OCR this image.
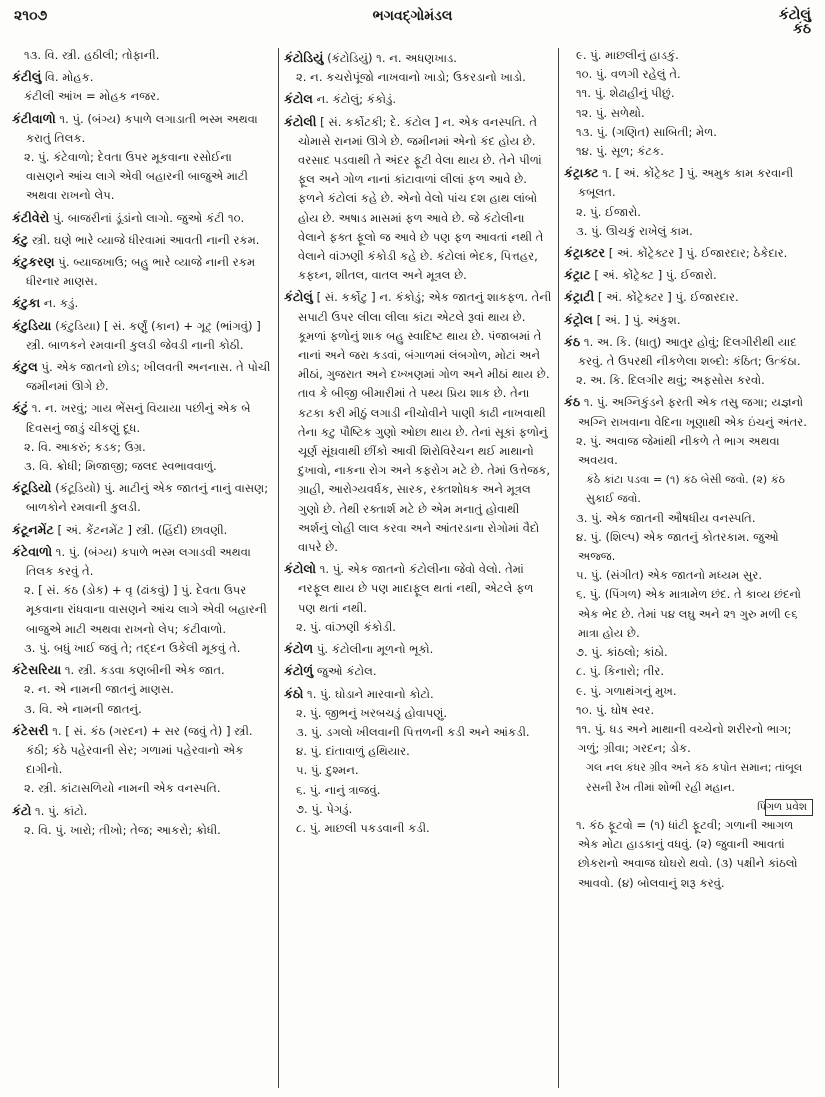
૨૧૦૭	ભગવદ્ગોમંડલ	કંટોલું
કંઠ

૧૩. વિ. સ્ત્રી. હઠીલી; તોફાની.

કંટીલું વિ. મોહક.

કંટીલી આંખ = મોહક નજર.

કંટીવાળો ૧. પું. (બંગ્ય) કપાળે લગાડાતી ભસ્મ અથવા કરાતું તિલક.

૨. પું. કંટેવાળો; દેવતા ઉપર મૂકવાના રસોઈના વાસણને આંચ લાગે એવી બહારની બાજુએ માટી અથવા રાખનો લેપ.

કંટીવેરો પું. બાજરીનાં ડૂંડાંનો લાગો. જુઓ કંટી ૧૦.

કંટુ સ્ત્રી. ઘણે ભારે વ્યાજે ધીરવામાં આવતી નાની રકમ.

કંટુકરણ પું. બ્યાજખાઉ; બહુ ભારે વ્યાજે નાની રકમ ધીરનાર માણસ.

કંટુકા ન. કડું.

કંટુડિયા (કંટુડિયા) [ સં. કર્ણું (કાન) + ગૂટ્ (ભાંગવું) ] સ્ત્રી. બાળકને રમવાની કુલડી જેવડી નાની કોઠી.

કંટુલ પું. એક જાતનો છોડ; ખીલવતી અનનાસ. તે પોચી જમીનમાં ઊગે છે.

કંટું ૧. ન. ખરવું; ગાય ભેંસનું વિયાયા પછીનું એક બે દિવસનું જાડું ચીકણું દૂધ.

૨. વિ. આકરું; કડક; ઉગ્ર.

૩. વિ. ક્રોધી; મિજાજી; જલદ સ્વભાવવાળું.

કંટૂડિયો (કંટૂડિયો) પું. માટીનું એક જાતનું નાનું વાસણ; બાળકોને રમવાની કુલડી.

કંટૂનમેંટ [ અં. કેંટનમેંટ ] સ્ત્રી. (હિંદી) છાવણી.

કંટેવાળો ૧. પું. (બંગ્ય) કપાળે ભસ્મ લગાડવી અથવા તિલક કરવું તે.

૨. [ સં. કંઠ (ડોક) + વૃ (ઢાંકવું) ] પું. દેવતા ઉપર મૂકવાના રાંધવાના વાસણને આંચ લાગે એવી બહારની બાજુએ માટી અથવા રાખનો લેપ; કંટીવાળો.

૩. પું. બધું ખાઈ જવું તે; તદ્દન ઉકેલી મૂકવું તે.

કંટેસરિયા ૧. સ્ત્રી. કડવા કણબીની એક જાત.

૨. ન. એ નામની જાતનું માણસ.

૩. વિ. એ નામની જાતનું.

કંટેસરી ૧. [ સં. કંઠ (ગરદન) + સર (જવું તે) ] સ્ત્રી. કંઠી; કંઠે પહેરવાની સેર; ગળામાં પહેરવાનો એક દાગીનો.

૨. સ્ત્રી. કાંટાસળિયો નામની એક વનસ્પતિ.

કંટો ૧. પું. કાંટો.

૨. વિ. પું. ખારો; તીખો; તેજ; આકરો; ક્રોધી.

કંટોડિયું (કંટોડિયું) ૧. ન. અધણખાડ.

૨. ન. કચરોપૂંજો નાખવાનો ખાડો; ઉકરડાનો ખાડો.

કંટોલ ન. કંટોલું; કંકોડું.

કંટોલી [ સં. કર્કોટકી; દે. કંટોલ ] ન. એક વનસ્પતિ. તે ચોમાસે રાનમાં ઊગે છે. જમીનમાં એનો કંદ હોય છે. વરસાદ પડવાથી તે અંદર ફૂટી વેલા થાય છે. તેને પીળાં ફૂલ અને ગોળ નાનાં કાંટાવાળાં લીલાં ફળ આવે છે. ફળને કંટોલાં કહે છે. એનો વેલો પાંચ દશ હાથ લાંબો હોય છે. અષાડ માસમાં ફળ આવે છે. જે કંટોલીના વેલાને ફક્ત ફૂલો જ આવે છે પણ ફળ આવતાં નથી તે વેલાને વાંઝણી કંકોડી કહે છે. કંટોલાં ભેદક, પિત્તહર, કફઘ્ન, શીતલ, વાતલ અને મૂત્રલ છે.

કંટોલું [ સં. કર્કોટુ ] ન. કંકોડું; એક જાતનું શાકફળ. તેની સપાટી ઉપર લીલા લીલા કાંટા એટલે રૂવાં થાય છે. કૂમળાં ફળોનું શાક બહુ સ્વાદિષ્ટ થાય છે. પંજાબમાં તે નાનાં અને જરા કડવાં, બંગાળમાં લંબગોળ, મોટાં અને મીઠાં, ગુજરાત અને દખ્ખણમાં ગોળ અને મીઠાં થાય છે. તાવ કે બીજી બીમારીમાં તે પથ્ય પ્રિય શાક છે. તેના કટકા કરી મીઠું લગાડી નીચોવીને પાણી કાઢી નાખવાથી તેના કટુ પૌષ્ટિક ગુણો ઓછા થાય છે. તેનાં સૂકાં ફળોનું ચૂર્ણ સૂંઘવાથી છીંકો આવી શિરોવિરેચન થઈ માથાનો દુખાવો, નાકના રોગ અને કફરોગ મટે છે. તેમાં ઉત્તેજક, ગ્રાહી, આરોગ્યવર્ધક, સારક, રક્તશોધક અને મૂત્રલ ગુણો છે. તેથી રક્તાર્શ મટે છે એમ મનાતું હોવાથી અર્શનું લોહી લાલ કરવા અને આંતરડાના રોગોમાં વૈદો વાપરે છે.

કંટોલો ૧. પું. એક જાતનો કંટોલીના જેવો વેલો. તેમાં નરફૂલ થાય છે પણ માદાફૂલ થતાં નથી, એટલે ફળ પણ થતાં નથી.

૨. પું. વાંઝણી કંકોડી.

કંટોળ પું. કંટોલીના મૂળનો ભૂકો.

કંટોળું જુઓ કંટોલ.

કંઠો ૧. પું. ઘોડાને મારવાનો કોટો.

૨. પું. જીભનું ખરબચડું હોવાપણું.

૩. પું. ડગલો ખીલવાની પિત્તળની કડી અને આંકડી.

૪. પું. દાંતાવાળું હથિયાર.

૫. પું. દુશ્મન.

૬. પું. નાનું ત્રાજવું.

૭. પું. પેગડું.

૮. પું. માછલી પકડવાની કડી.

૯. પું. માછલીનું હાડકું.

૧૦. પું. વળગી રહેલું તે.

૧૧. પું. શેઢાહીનું પીછું.

૧૨. પું. સળેથો.

૧૩. પું. (ગણિત) સાબિતી; મેળ.

૧૪. પું. સૂળ; કંટક.

કંટ્રાક્ટ ૧. [ અં. કોંટ્રેક્ટ ] પું. અમુક કામ કરવાની કબૂલત.

૨. પું. ઈજારો.

૩. પું. ઊચકું રાખેલું કામ.

કંટ્રાક્ટર [ અં. કોંટ્રેક્ટર ] પું. ઈજારદાર; ઠેકેદાર.

કંટ્રાટ [ અં. કોંટ્રેક્ટ ] પું. ઈજારો.

કંટ્રાટી [ અં. કોંટ્રેક્ટર ] પું. ઈજારદાર.

કંટ્રોલ [ અં. ] પું. અંકુશ.

કંઠ ૧. અ. કિ. (ધાતુ) આતુર હોવું; દિલગીરીથી યાદ કરવું. તે ઉપરથી નીકળેલા શબ્દો: કંઠિત; ઉત્કંઠા.

૨. અ. કિ. દિલગીર થવું; અફસોસ કરવો.

કંઠ ૧. પું. અગ્નિકુંડને ફરતી એક તસુ જગા; યજ્ઞનો અગ્નિ રાખવાના વેદિના ખૂણાથી એક ઇંચનું અંતર.

૨. પું. અવાજ જેમાંથી નીકળે તે ભાગ અથવા અવયવ.

કંઠે કાંટા પડવા = (૧) કંઠ બેસી જવો. (૨) કંઠ સુકાઈ જવો.

૩. પું. એક જાતની ઔષધીય વનસ્પતિ.

૪. પું. (શિલ્પ) એક જાતનું કોતરકામ. જુઓ અજ્જ.

૫. પું. (સંગીત) એક જાતનો મધ્યમ સુર.

૬. પું. (પિંગળ) એક માત્રામેળ છંદ. તે કાવ્ય છંદનો એક ભેદ છે. તેમાં ૫૪ લઘુ અને ૨૧ ગુરુ મળી ૯૬ માત્રા હોય છે.

૭. પું. કાંઠલો; કાંઠો.

૮. પું. કિનારો; તીર.

૯. પું. ગળાથંગનું મુખ.

૧૦. પું. ઘોષ સ્વર.

૧૧. પું. ધડ અને માથાની વચ્ચેનો શરીરનો ભાગ; ગળું; ગ્રીવા; ગરદન; ડોક.

ગલ નલ કંધર ગ્રીવ અને કંઠ કપોત સમાન; તાંબૂલ રસની રેખ તીમાં શોભી રહી મહાન.

પિંગળ પ્રવેશ

૧. કંઠ ફૂટવો = (૧) ધાંટી ફૂટવી; ગળાની આગળ એક મોટા હાડકાનું વધવું. (૨) જુવાની આવતાં છોકરાનો અવાજ ઘોઘરો થવો. (૩) પક્ષીને કાંઠલો આવવો. (૪) બોલવાનું શરૂ કરવું.
